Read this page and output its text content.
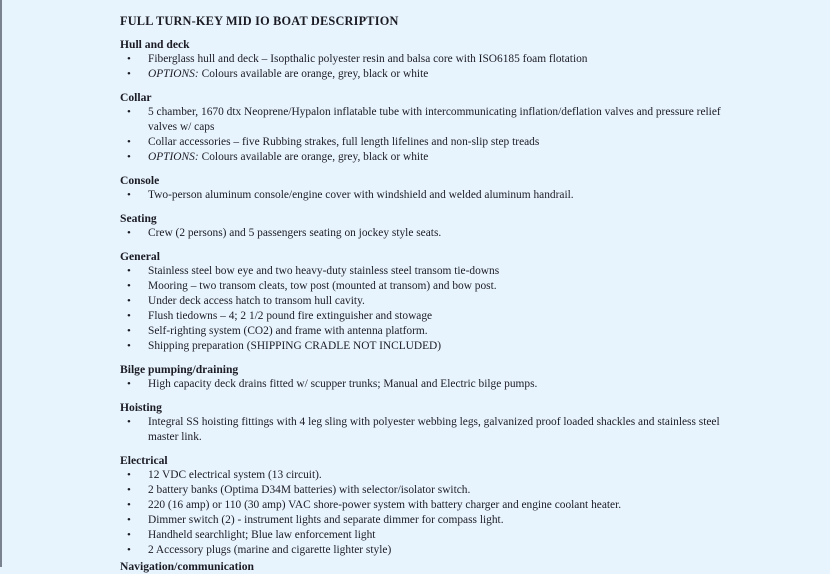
FULL TURN-KEY MID IO BOAT DESCRIPTION
Hull and deck
• Fiberglass hull and deck – Isopthalic polyester resin and balsa core with ISO6185 foam flotation
• OPTIONS: Colours available are orange, grey, black or white
Collar
• 5 chamber, 1670 dtx Neoprene/Hypalon inflatable tube with intercommunicating inflation/deflation valves and pressure relief valves w/ caps
• Collar accessories – five Rubbing strakes, full length lifelines and non-slip step treads
• OPTIONS: Colours available are orange, grey, black or white
Console
• Two-person aluminum console/engine cover with windshield and welded aluminum handrail.
Seating
• Crew (2 persons) and 5 passengers seating on jockey style seats.
General
• Stainless steel bow eye and two heavy-duty stainless steel transom tie-downs
• Mooring – two transom cleats, tow post (mounted at transom) and bow post.
• Under deck access hatch to transom hull cavity.
• Flush tiedowns – 4; 2 1/2 pound fire extinguisher and stowage
• Self-righting system (CO2) and frame with antenna platform.
• Shipping preparation (SHIPPING CRADLE NOT INCLUDED)
Bilge pumping/draining
• High capacity deck drains fitted w/ scupper trunks; Manual and Electric bilge pumps.
Hoisting
• Integral SS hoisting fittings with 4 leg sling with polyester webbing legs, galvanized proof loaded shackles and stainless steel master link.
Electrical
• 12 VDC electrical system (13 circuit).
• 2 battery banks (Optima D34M batteries) with selector/isolator switch.
• 220 (16 amp) or 110 (30 amp) VAC shore-power system with battery charger and engine coolant heater.
• Dimmer switch (2) - instrument lights and separate dimmer for compass light.
• Handheld searchlight; Blue law enforcement light
• 2 Accessory plugs (marine and cigarette lighter style)
Navigation/communication
